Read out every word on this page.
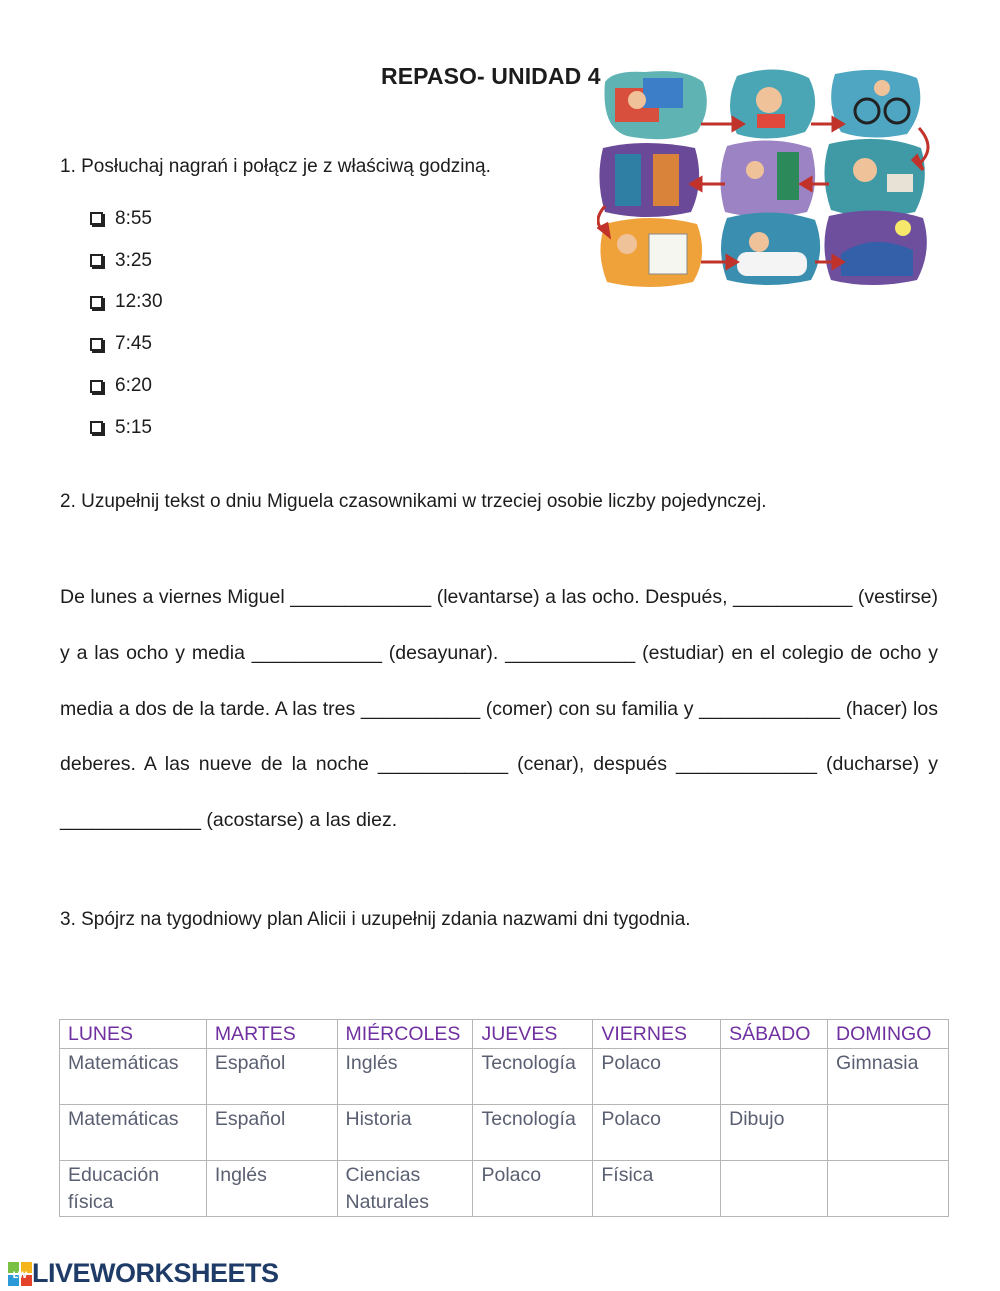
REPASO- UNIDAD 4
1. Posłuchaj nagrań i połącz je z właściwą godziną.
8:55
3:25
12:30
7:45
6:20
5:15
2. Uzupełnij tekst o dniu Miguela czasownikami w trzeciej osobie liczby pojedynczej.
De lunes a viernes Miguel _____________ (levantarse) a las ocho. Después, ___________ (vestirse) y a las ocho y media ____________ (desayunar). ____________ (estudiar) en el colegio de ocho y media a dos de la tarde. A las tres ___________ (comer) con su familia y _____________ (hacer) los deberes. A las nueve de la noche ____________ (cenar), después _____________ (ducharse) y _____________ (acostarse) a las diez.
3. Spójrz na tygodniowy plan Alicii i uzupełnij zdania nazwami dni tygodnia.
LUNES	MARTES	MIÉRCOLES	JUEVES	VIERNES	SÁBADO	DOMINGO
Matemáticas	Español	Inglés	Tecnología	Polaco		Gimnasia
Matemáticas	Español	Historia	Tecnología	Polaco	Dibujo	
Educación física	Inglés	Ciencias Naturales	Polaco	Física		
LW LIVEWORKSHEETS
